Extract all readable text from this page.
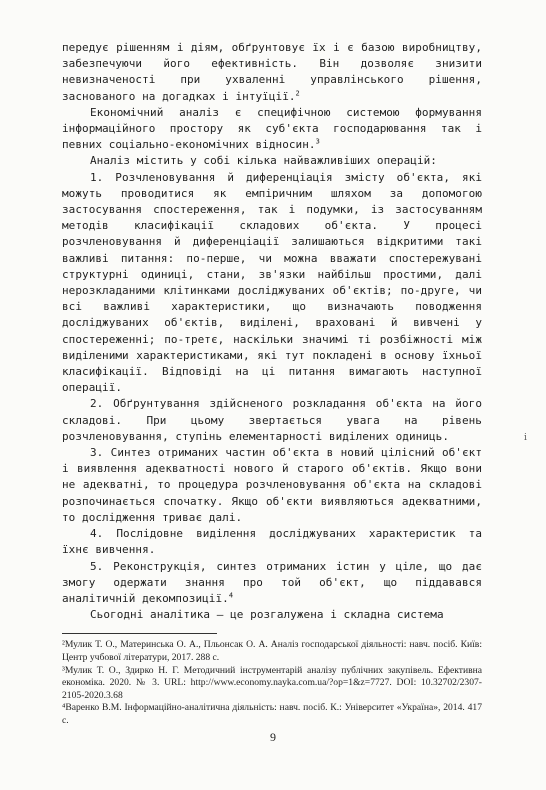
передує рішенням і діям, обґрунтовує їх і є базою виробництву, забезпечуючи його ефективність. Він дозволяє знизити невизначеності при ухваленні управлінського рішення, заснованого на догадках і інтуїції.$^2$

Економічний аналіз є специфічною системою формування інформаційного простору як суб'єкта господарювання так і певних соціально-економічних відносин.$^3$

Аналіз містить у собі кілька найважливіших операцій:

1. Розчленовування й диференціація змісту об'єкта, які можуть проводитися як емпіричним шляхом за допомогою застосування спостереження, так і подумки, із застосуванням методів класифікації складових об'єкта. У процесі розчленовування й диференціації залишаються відкритими такі важливі питання: по-перше, чи можна вважати спостережувані структурні одиниці, стани, зв'язки найбільш простими, далі нерозкладаними клітинками досліджуваних об'єктів; по-друге, чи всі важливі характеристики, що визначають поводження досліджуваних об'єктів, виділені, враховані й вивчені у спостереженні; по-третє, наскільки значимі ті розбіжності між виділеними характеристиками, які тут покладені в основу їхньої класифікації. Відповіді на ці питання вимагають наступної операції.

2. Обґрунтування здійсненого розкладання об'єкта на його складові. При цьому звертається увага на рівень розчленовування, ступінь елементарності виділених одиниць.

3. Синтез отриманих частин об'єкта в новий цілісний об'єкт і виявлення адекватності нового й старого об'єктів. Якщо вони не адекватні, то процедура розчленовування об'єкта на складові розпочинається спочатку. Якщо об'єкти виявляються адекватними, то дослідження триває далі.

4. Послідовне виділення досліджуваних характеристик та їхнє вивчення.

5. Реконструкція, синтез отриманих істин у ціле, що дає змогу одержати знання про той об'єкт, що піддавався аналітичній декомпозиції.$^4$

Сьогодні аналітика – це розгалужена і складна система

²Мулик Т. О., Материнська О. А., Пльонсак О. А. Аналіз господарської діяльності: навч. посіб. Київ: Центр учбової літератури, 2017. 288 с.

³Мулик Т. О., Здирко Н. Г. Методичний інструментарій аналізу публічних закупівель. Ефективна економіка. 2020. № 3. URL: http://www.economy.nayka.com.ua/?op=1&z=7727. DOI: 10.32702/2307-2105-2020.3.68

⁴Варенко В.М. Інформаційно-аналітична діяльність: навч. посіб. К.: Університет «Україна», 2014. 417 с.

ⅰ
9
